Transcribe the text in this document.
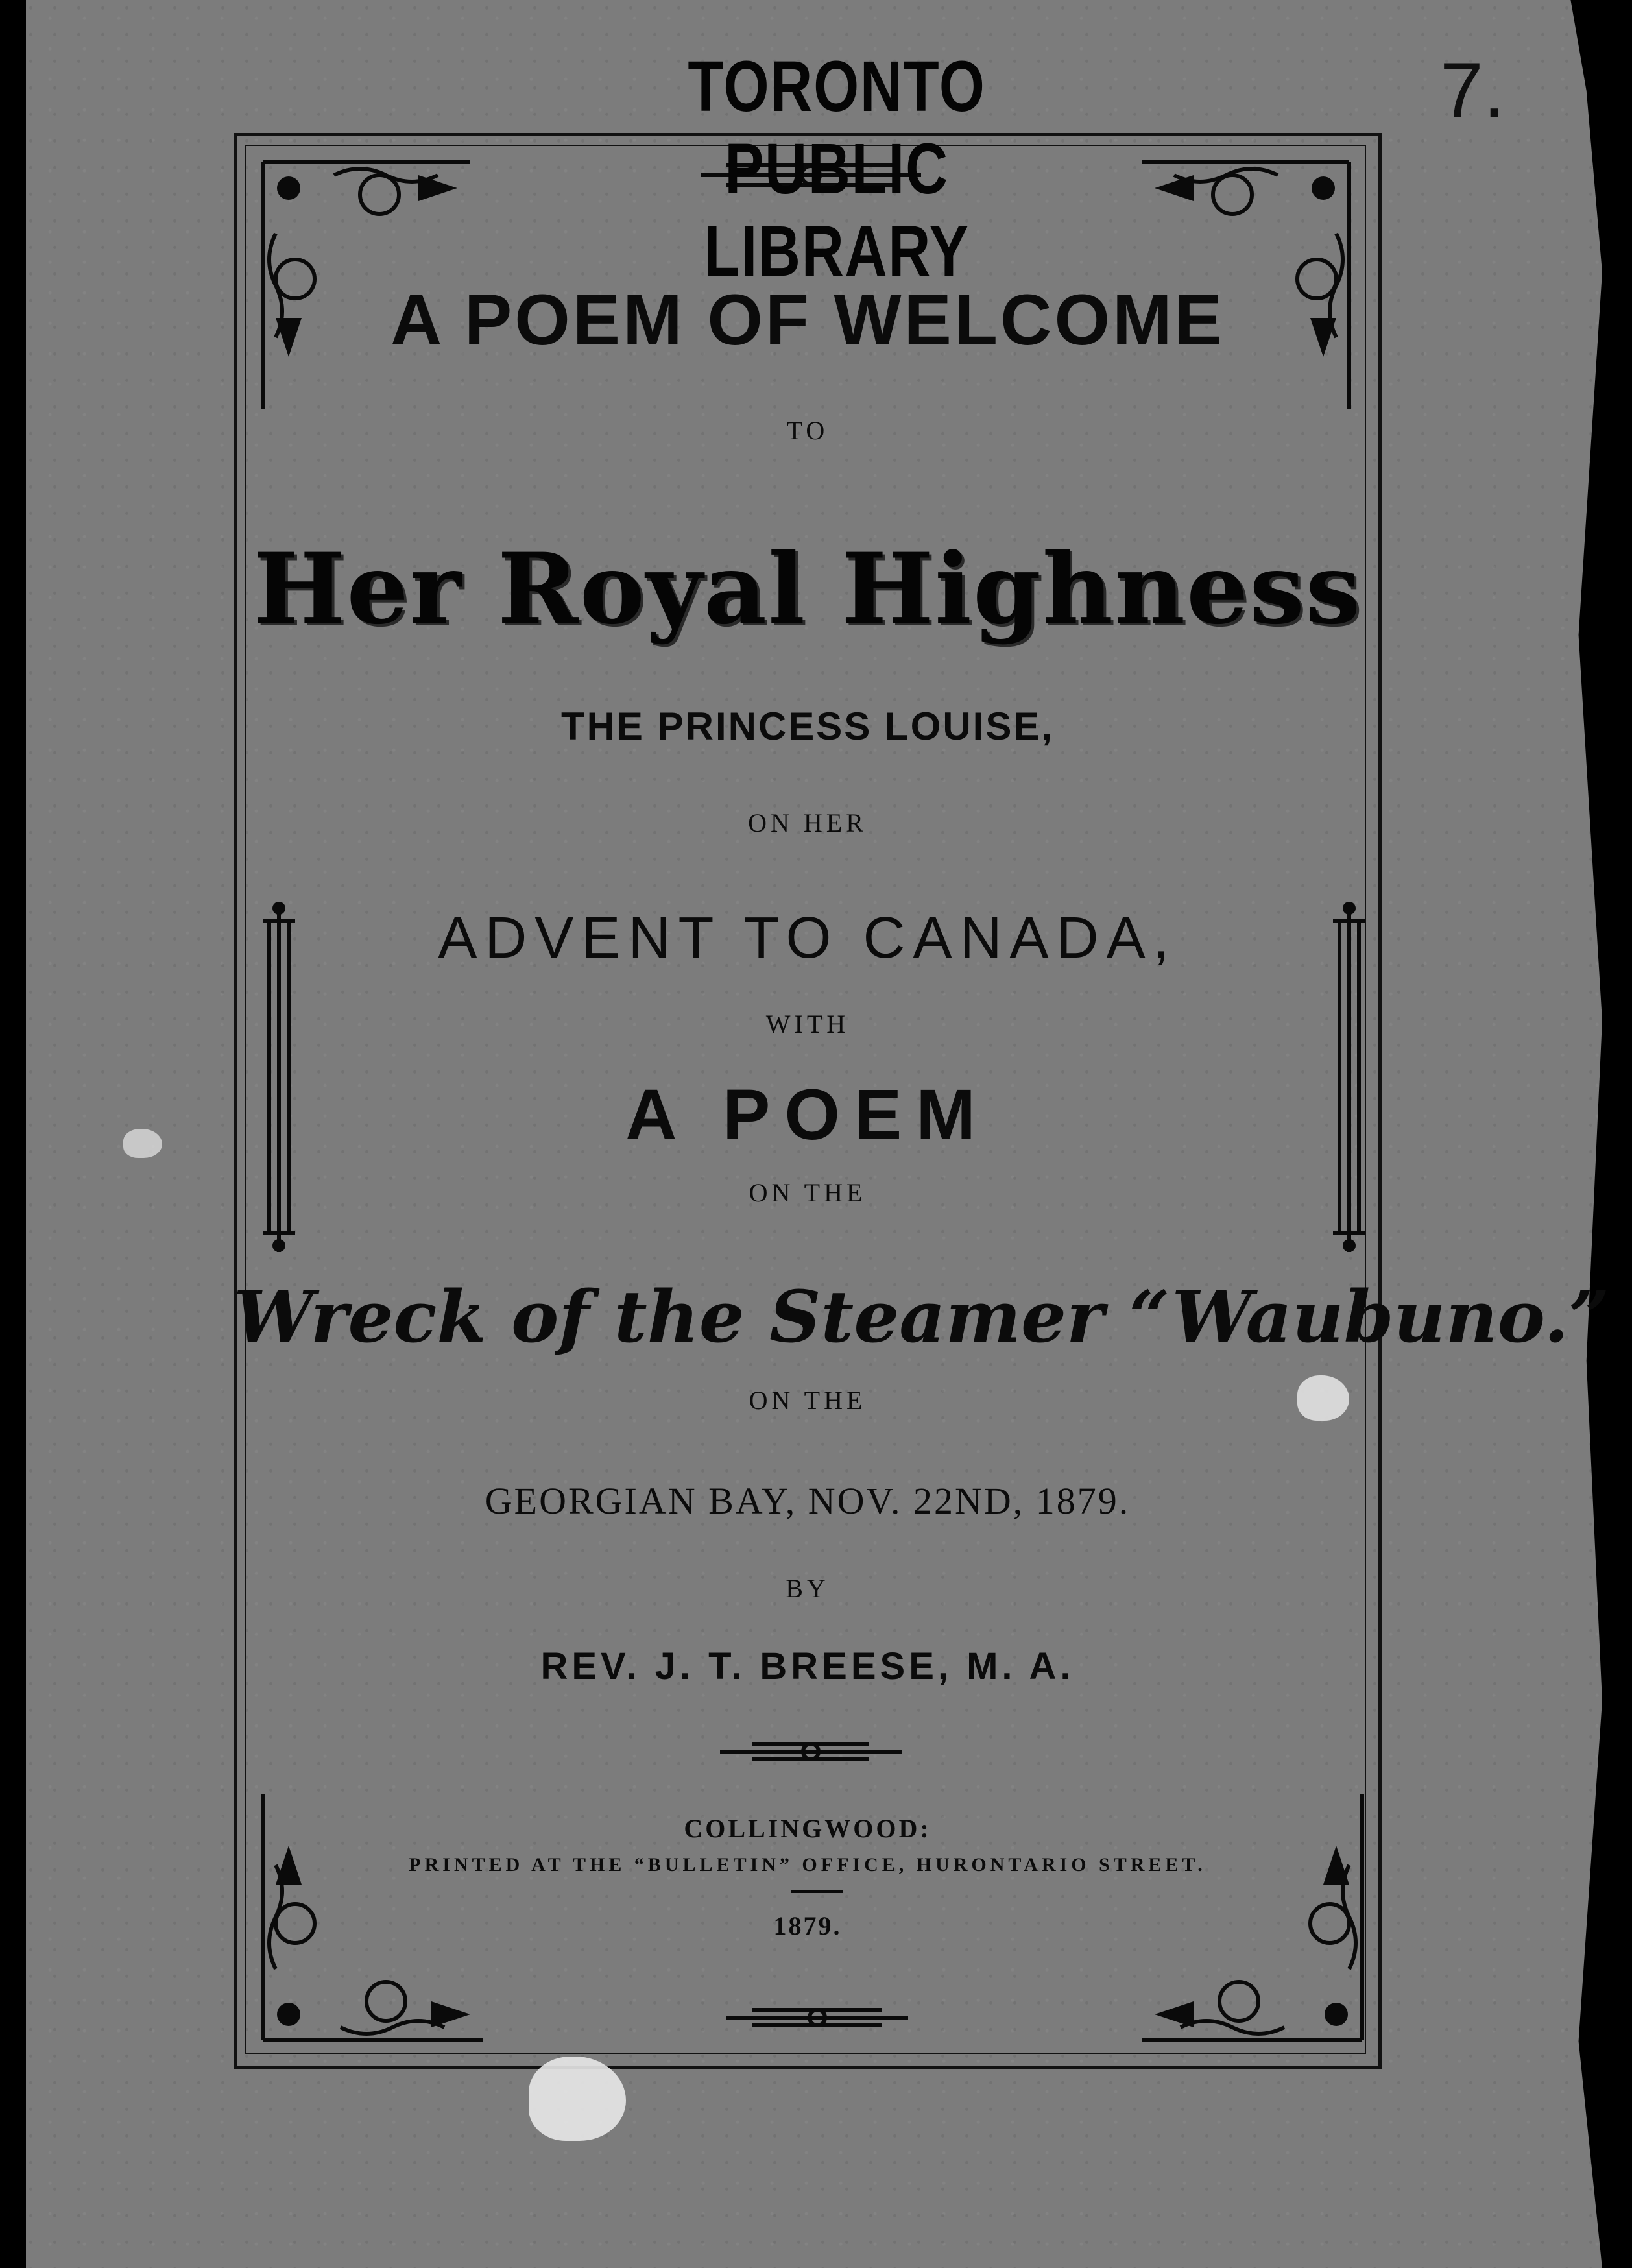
TORONTO PUBLIC LIBRARY
7.
A POEM OF WELCOME
TO
Her Royal Highness
THE PRINCESS LOUISE,
ON HER
ADVENT TO CANADA,
WITH
A POEM
ON THE
Wreck of the Steamer “Waubuno.”
ON THE
GEORGIAN BAY, NOV. 22ND, 1879.
BY
REV. J. T. BREESE, M. A.
COLLINGWOOD:
PRINTED AT THE “BULLETIN” OFFICE, HURONTARIO STREET.
1879.
